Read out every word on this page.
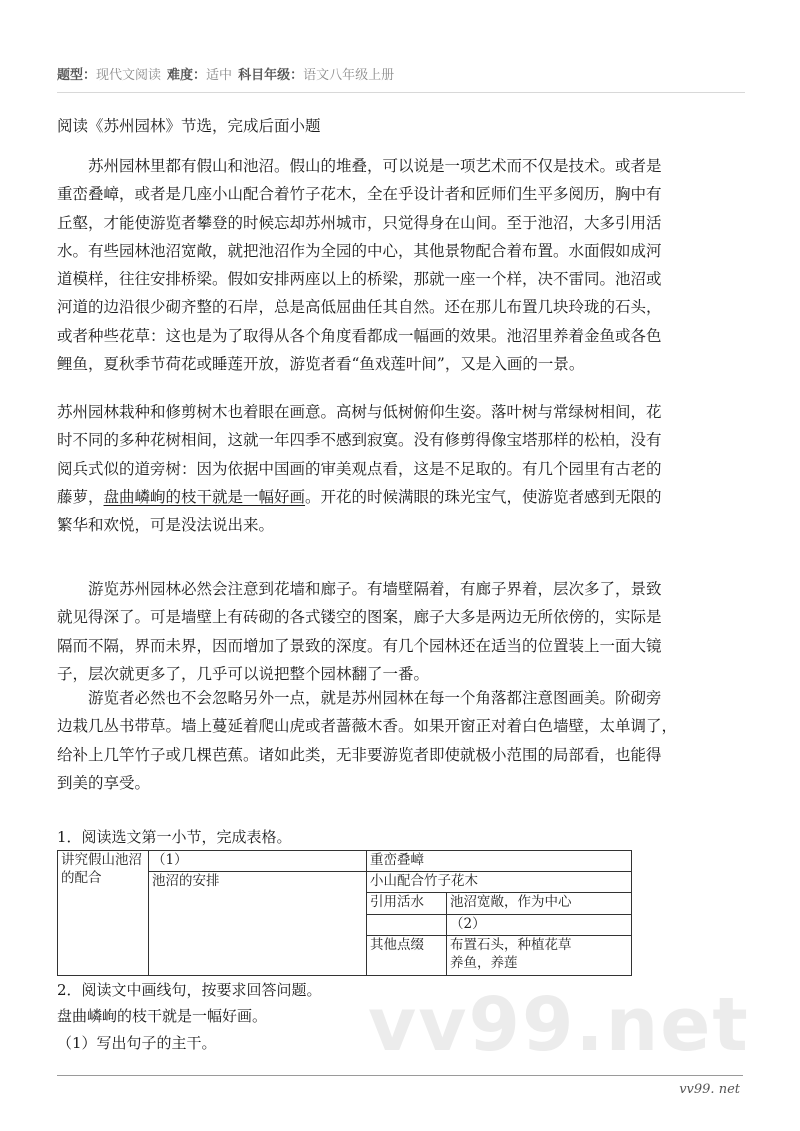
题型：现代文阅读 难度：适中 科目年级：语文八年级上册
阅读《苏州园林》节选，完成后面小题
苏州园林里都有假山和池沼。假山的堆叠，可以说是一项艺术而不仅是技术。或者是
重峦叠嶂，或者是几座小山配合着竹子花木，全在乎设计者和匠师们生平多阅历，胸中有
丘壑，才能使游览者攀登的时候忘却苏州城市，只觉得身在山间。至于池沼，大多引用活
水。有些园林池沼宽敞，就把池沼作为全园的中心，其他景物配合着布置。水面假如成河
道模样，往往安排桥梁。假如安排两座以上的桥梁，那就一座一个样，决不雷同。池沼或
河道的边沿很少砌齐整的石岸，总是高低屈曲任其自然。还在那儿布置几块玲珑的石头，
或者种些花草：这也是为了取得从各个角度看都成一幅画的效果。池沼里养着金鱼或各色
鲤鱼，夏秋季节荷花或睡莲开放，游览者看“鱼戏莲叶间”，又是入画的一景。
苏州园林栽种和修剪树木也着眼在画意。高树与低树俯仰生姿。落叶树与常绿树相间，花
时不同的多种花树相间，这就一年四季不感到寂寞。没有修剪得像宝塔那样的松柏，没有
阅兵式似的道旁树：因为依据中国画的审美观点看，这是不足取的。有几个园里有古老的
藤萝，盘曲嶙峋的枝干就是一幅好画。开花的时候满眼的珠光宝气，使游览者感到无限的
繁华和欢悦，可是没法说出来。
游览苏州园林必然会注意到花墙和廊子。有墙壁隔着，有廊子界着，层次多了，景致
就见得深了。可是墙壁上有砖砌的各式镂空的图案，廊子大多是两边无所依傍的，实际是
隔而不隔，界而未界，因而增加了景致的深度。有几个园林还在适当的位置装上一面大镜
子，层次就更多了，几乎可以说把整个园林翻了一番。
游览者必然也不会忽略另外一点，就是苏州园林在每一个角落都注意图画美。阶砌旁
边栽几丛书带草。墙上蔓延着爬山虎或者蔷薇木香。如果开窗正对着白色墙壁，太单调了，
给补上几竿竹子或几棵芭蕉。诸如此类，无非要游览者即使就极小范围的局部看，也能得
到美的享受。
1．阅读选文第一小节，完成表格。
讲究假山池沼的配合	（1）	重峦叠嶂	
	池沼的安排	小山配合竹子花木	
		引用活水	池沼宽敞，作为中心
			（2）
		其他点缀	布置石头，种植花草
养鱼，养莲
vv99.net
2．阅读文中画线句，按要求回答问题。
盘曲嶙峋的枝干就是一幅好画。
（1）写出句子的主干。
vv99. net
